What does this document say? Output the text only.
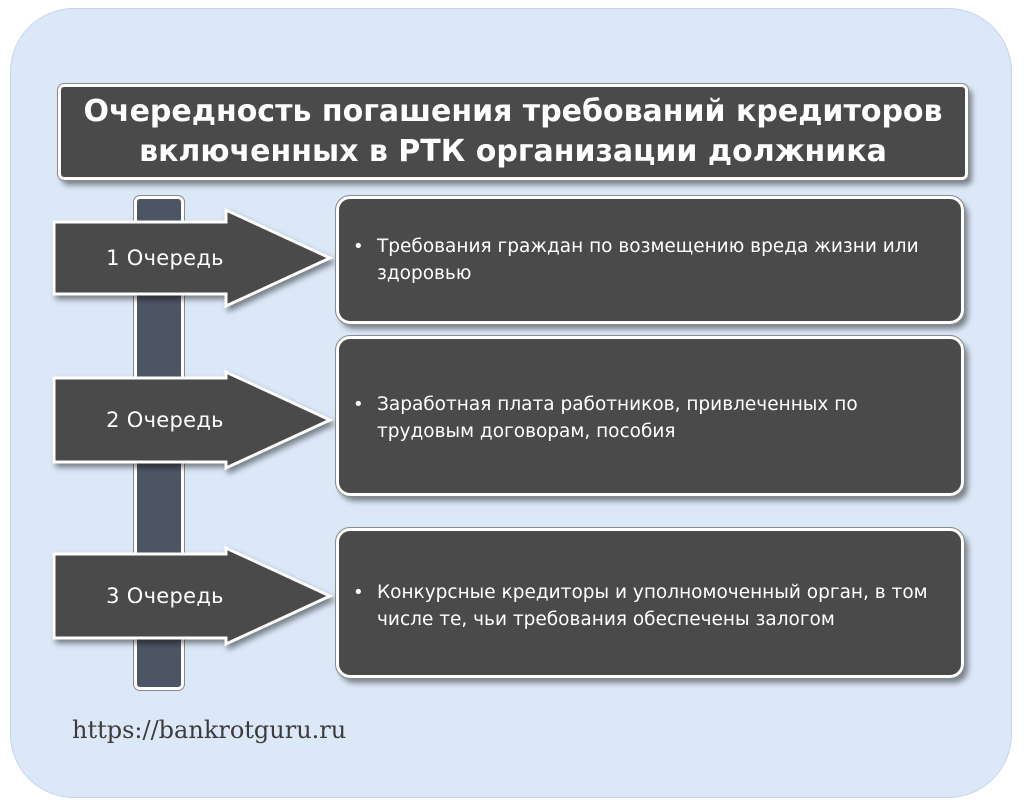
Очередность погашения требований кредиторов
включенных в РТК организации должника
1 Очередь	• Требования граждан по возмещению вреда жизни или здоровью
2 Очередь
• Заработная плата работников, привлеченных по трудовым договорам, пособия
3 Очередь	• Конкурсные кредиторы и уполномоченный орган, в том числе те, чьи требования обеспечены залогом
https://bankrotguru.ru
